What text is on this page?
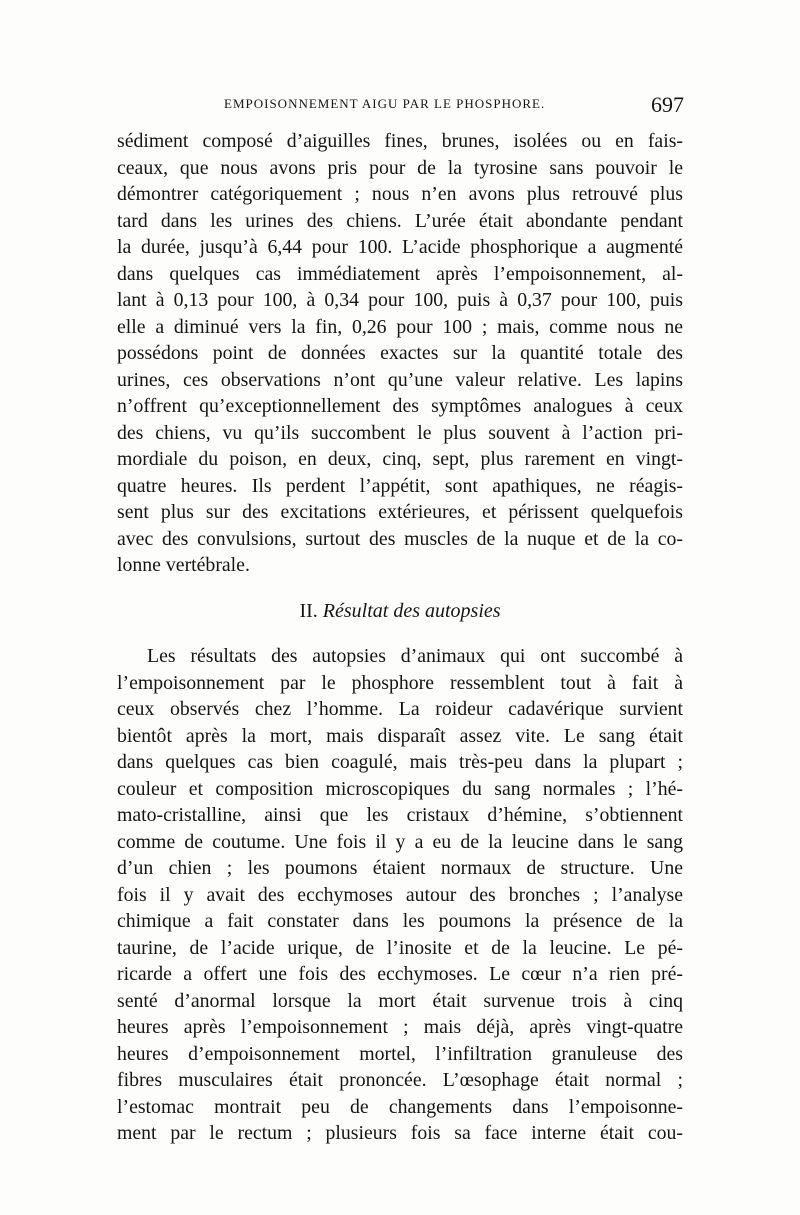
EMPOISONNEMENT AIGU PAR LE PHOSPHORE.	697
sédiment composé d’aiguilles fines, brunes, isolées ou en fais-
ceaux, que nous avons pris pour de la tyrosine sans pouvoir le
démontrer catégoriquement ; nous n’en avons plus retrouvé plus
tard dans les urines des chiens. L’urée était abondante pendant
la durée, jusqu’à 6,44 pour 100. L’acide phosphorique a augmenté
dans quelques cas immédiatement après l’empoisonnement, al-
lant à 0,13 pour 100, à 0,34 pour 100, puis à 0,37 pour 100, puis
elle a diminué vers la fin, 0,26 pour 100 ; mais, comme nous ne
possédons point de données exactes sur la quantité totale des
urines, ces observations n’ont qu’une valeur relative. Les lapins
n’offrent qu’exceptionnellement des symptômes analogues à ceux
des chiens, vu qu’ils succombent le plus souvent à l’action pri-
mordiale du poison, en deux, cinq, sept, plus rarement en vingt-
quatre heures. Ils perdent l’appétit, sont apathiques, ne réagis-
sent plus sur des excitations extérieures, et périssent quelquefois
avec des convulsions, surtout des muscles de la nuque et de la co-
lonne vertébrale.
II. Résultat des autopsies
Les résultats des autopsies d’animaux qui ont succombé à
l’empoisonnement par le phosphore ressemblent tout à fait à
ceux observés chez l’homme. La roideur cadavérique survient
bientôt après la mort, mais disparaît assez vite. Le sang était
dans quelques cas bien coagulé, mais très-peu dans la plupart ;
couleur et composition microscopiques du sang normales ; l’hé-
mato-cristalline, ainsi que les cristaux d’hémine, s’obtiennent
comme de coutume. Une fois il y a eu de la leucine dans le sang
d’un chien ; les poumons étaient normaux de structure. Une
fois il y avait des ecchymoses autour des bronches ; l’analyse
chimique a fait constater dans les poumons la présence de la
taurine, de l’acide urique, de l’inosite et de la leucine. Le pé-
ricarde a offert une fois des ecchymoses. Le cœur n’a rien pré-
senté d’anormal lorsque la mort était survenue trois à cinq
heures après l’empoisonnement ; mais déjà, après vingt-quatre
heures d’empoisonnement mortel, l’infiltration granuleuse des
fibres musculaires était prononcée. L’œsophage était normal ;
l’estomac montrait peu de changements dans l’empoisonne-
ment par le rectum ; plusieurs fois sa face interne était cou-
